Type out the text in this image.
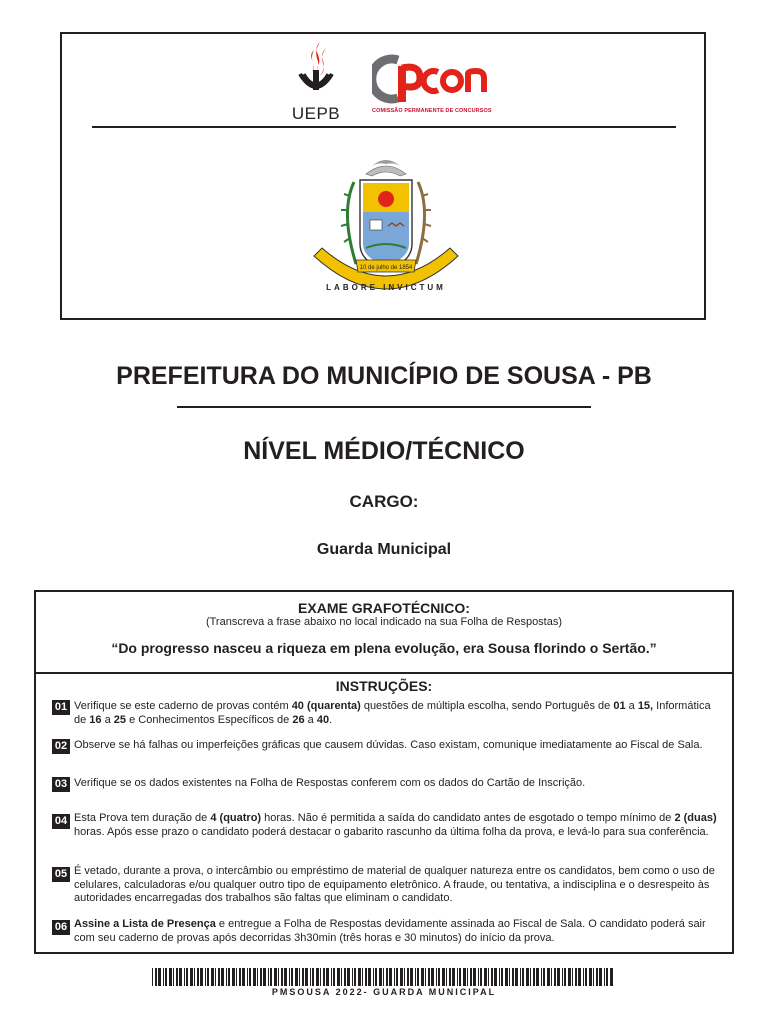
UEPB	COMISSÃO PERMANENTE DE CONCURSOS
10 de julho de 1854
LABORE INVICTUM
PREFEITURA DO MUNICÍPIO DE SOUSA - PB
NÍVEL MÉDIO/TÉCNICO
CARGO:
Guarda Municipal
EXAME GRAFOTÉCNICO:
(Transcreva a frase abaixo no local indicado na sua Folha de Respostas)
“Do progresso nasceu a riqueza em plena evolução, era Sousa florindo o Sertão.”
INSTRUÇÕES:
01 Verifique se este caderno de provas contém 40 (quarenta) questões de múltipla escolha, sendo Português de 01 a 15, Informática de 16 a 25 e Conhecimentos Específicos de 26 a 40.
02 Observe se há falhas ou imperfeições gráficas que causem dúvidas. Caso existam, comunique imediatamente ao Fiscal de Sala.
03 Verifique se os dados existentes na Folha de Respostas conferem com os dados do Cartão de Inscrição.
04 Esta Prova tem duração de 4 (quatro) horas. Não é permitida a saída do candidato antes de esgotado o tempo mínimo de 2 (duas) horas. Após esse prazo o candidato poderá destacar o gabarito rascunho da última folha da prova, e levá-lo para sua conferência.
05 É vetado, durante a prova, o intercâmbio ou empréstimo de material de qualquer natureza entre os candidatos, bem como o uso de celulares, calculadoras e/ou qualquer outro tipo de equipamento eletrônico. A fraude, ou tentativa, a indisciplina e o desrespeito às autoridades encarregadas dos trabalhos são faltas que eliminam o candidato.
06 Assine a Lista de Presença e entregue a Folha de Respostas devidamente assinada ao Fiscal de Sala. O candidato poderá sair com seu caderno de provas após decorridas 3h30min (três horas e 30 minutos) do início da prova.
PMSOUSA 2022- GUARDA MUNICIPAL
